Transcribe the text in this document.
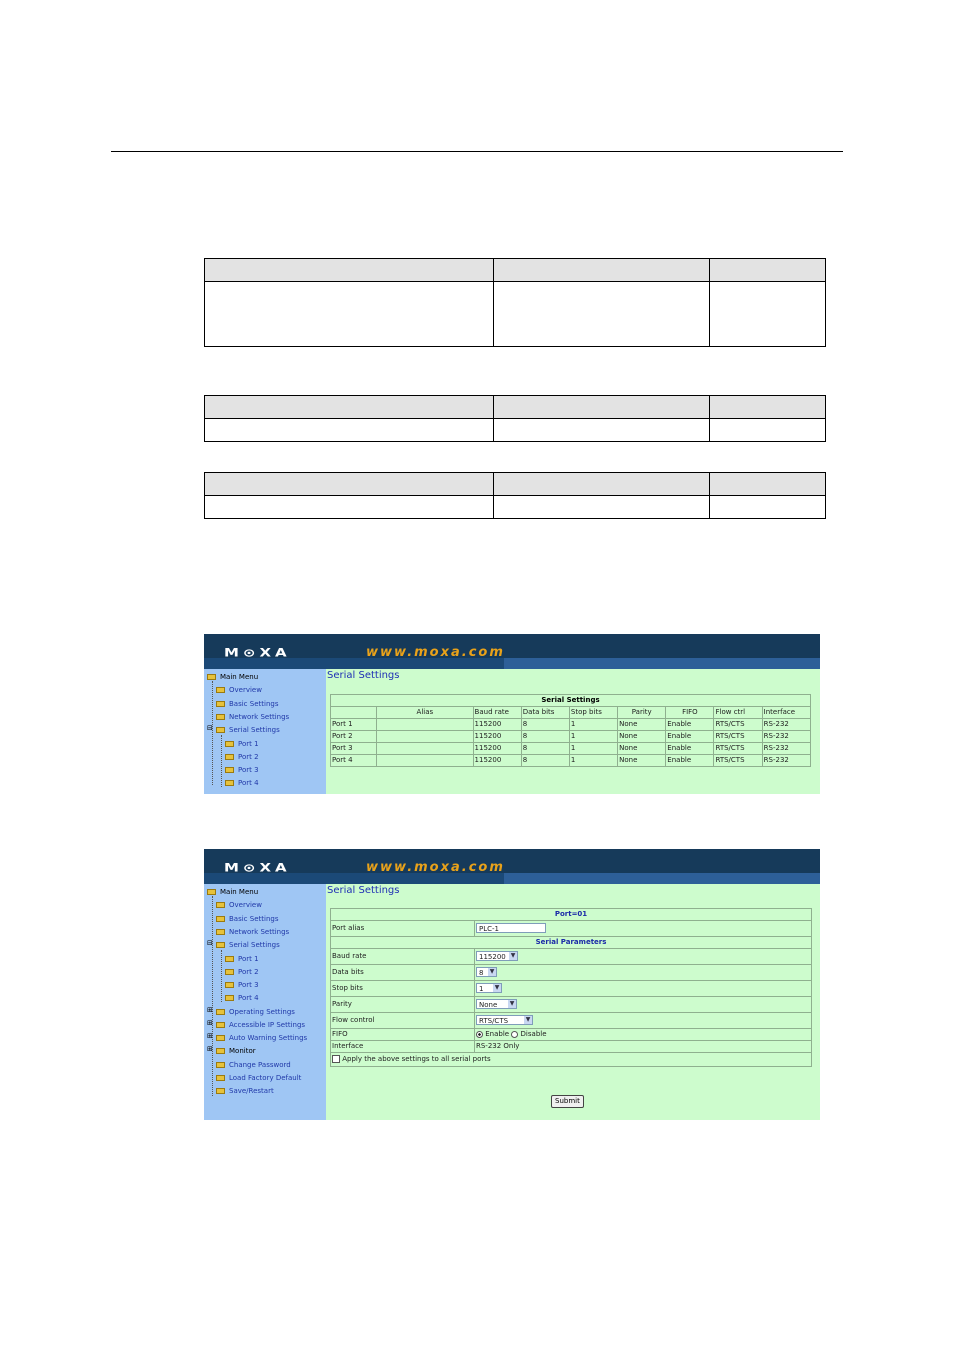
M⊙XA	www.moxa.com
Main Menu
Overview
Basic Settings
Network Settings
⊟	Serial Settings
Port 1
Port 2
Port 3
Port 4
Serial Settings
Serial Settings								
	Alias	Baud rate	Data bits	Stop bits	Parity	FIFO	Flow ctrl	Interface
Port 1		115200	8	1	None	Enable	RTS/CTS	RS-232
Port 2		115200	8	1	None	Enable	RTS/CTS	RS-232
Port 3		115200	8	1	None	Enable	RTS/CTS	RS-232
Port 4		115200	8	1	None	Enable	RTS/CTS	RS-232
M⊙XA	www.moxa.com
Main Menu
Overview
Basic Settings
Network Settings
⊟	Serial Settings
Port 1
Port 2
Port 3
Port 4
⊞	Operating Settings
⊞	Accessible IP Settings
⊞	Auto Warning Settings
⊞	Monitor
Change Password
Load Factory Default
Save/Restart
Serial Settings
Port=01	
Port alias	PLC-1
Serial Parameters	
Baud rate	115200 ▼

Data bits	8 ▼

Stop bits	1 ▼

Parity	None ▼

Flow control	RTS/CTS ▼

FIFO	Enable Disable
Interface	RS-232 Only
Apply the above settings to all serial ports	
Submit
